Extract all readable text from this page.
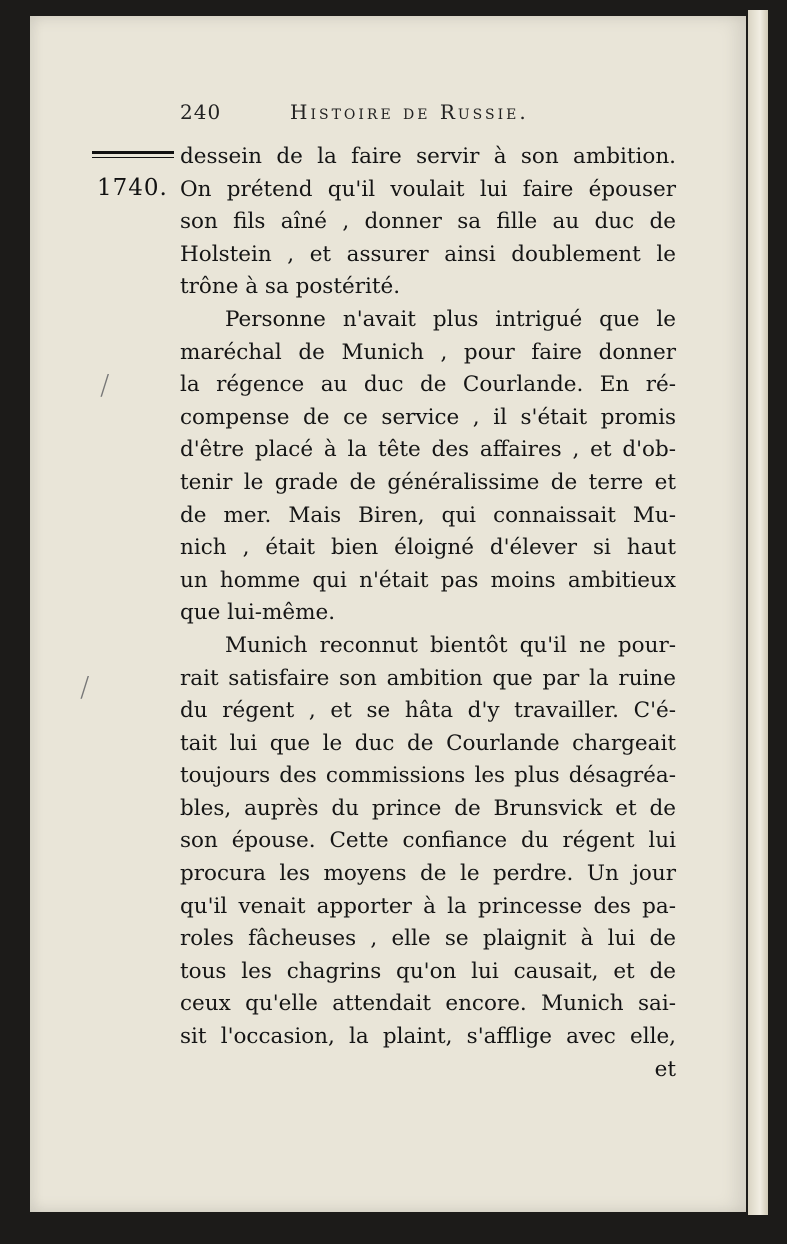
240	Histoire de Russie.
1740.
/
/
dessein de la faire servir à son ambition.
On prétend qu'il voulait lui faire épouser
son fils aîné , donner sa fille au duc de
Holstein , et assurer ainsi doublement le
trône à sa postérité.
Personne n'avait plus intrigué que le
maréchal de Munich , pour faire donner
la régence au duc de Courlande. En ré-
compense de ce service , il s'était promis
d'être placé à la tête des affaires , et d'ob-
tenir le grade de généralissime de terre et
de mer. Mais Biren, qui connaissait Mu-
nich , était bien éloigné d'élever si haut
un homme qui n'était pas moins ambitieux
que lui-même.
Munich reconnut bientôt qu'il ne pour-
rait satisfaire son ambition que par la ruine
du régent , et se hâta d'y travailler. C'é-
tait lui que le duc de Courlande chargeait
toujours des commissions les plus désagréa-
bles, auprès du prince de Brunsvick et de
son épouse. Cette confiance du régent lui
procura les moyens de le perdre. Un jour
qu'il venait apporter à la princesse des pa-
roles fâcheuses , elle se plaignit à lui de
tous les chagrins qu'on lui causait, et de
ceux qu'elle attendait encore. Munich sai-
sit l'occasion, la plaint, s'afflige avec elle,
et
